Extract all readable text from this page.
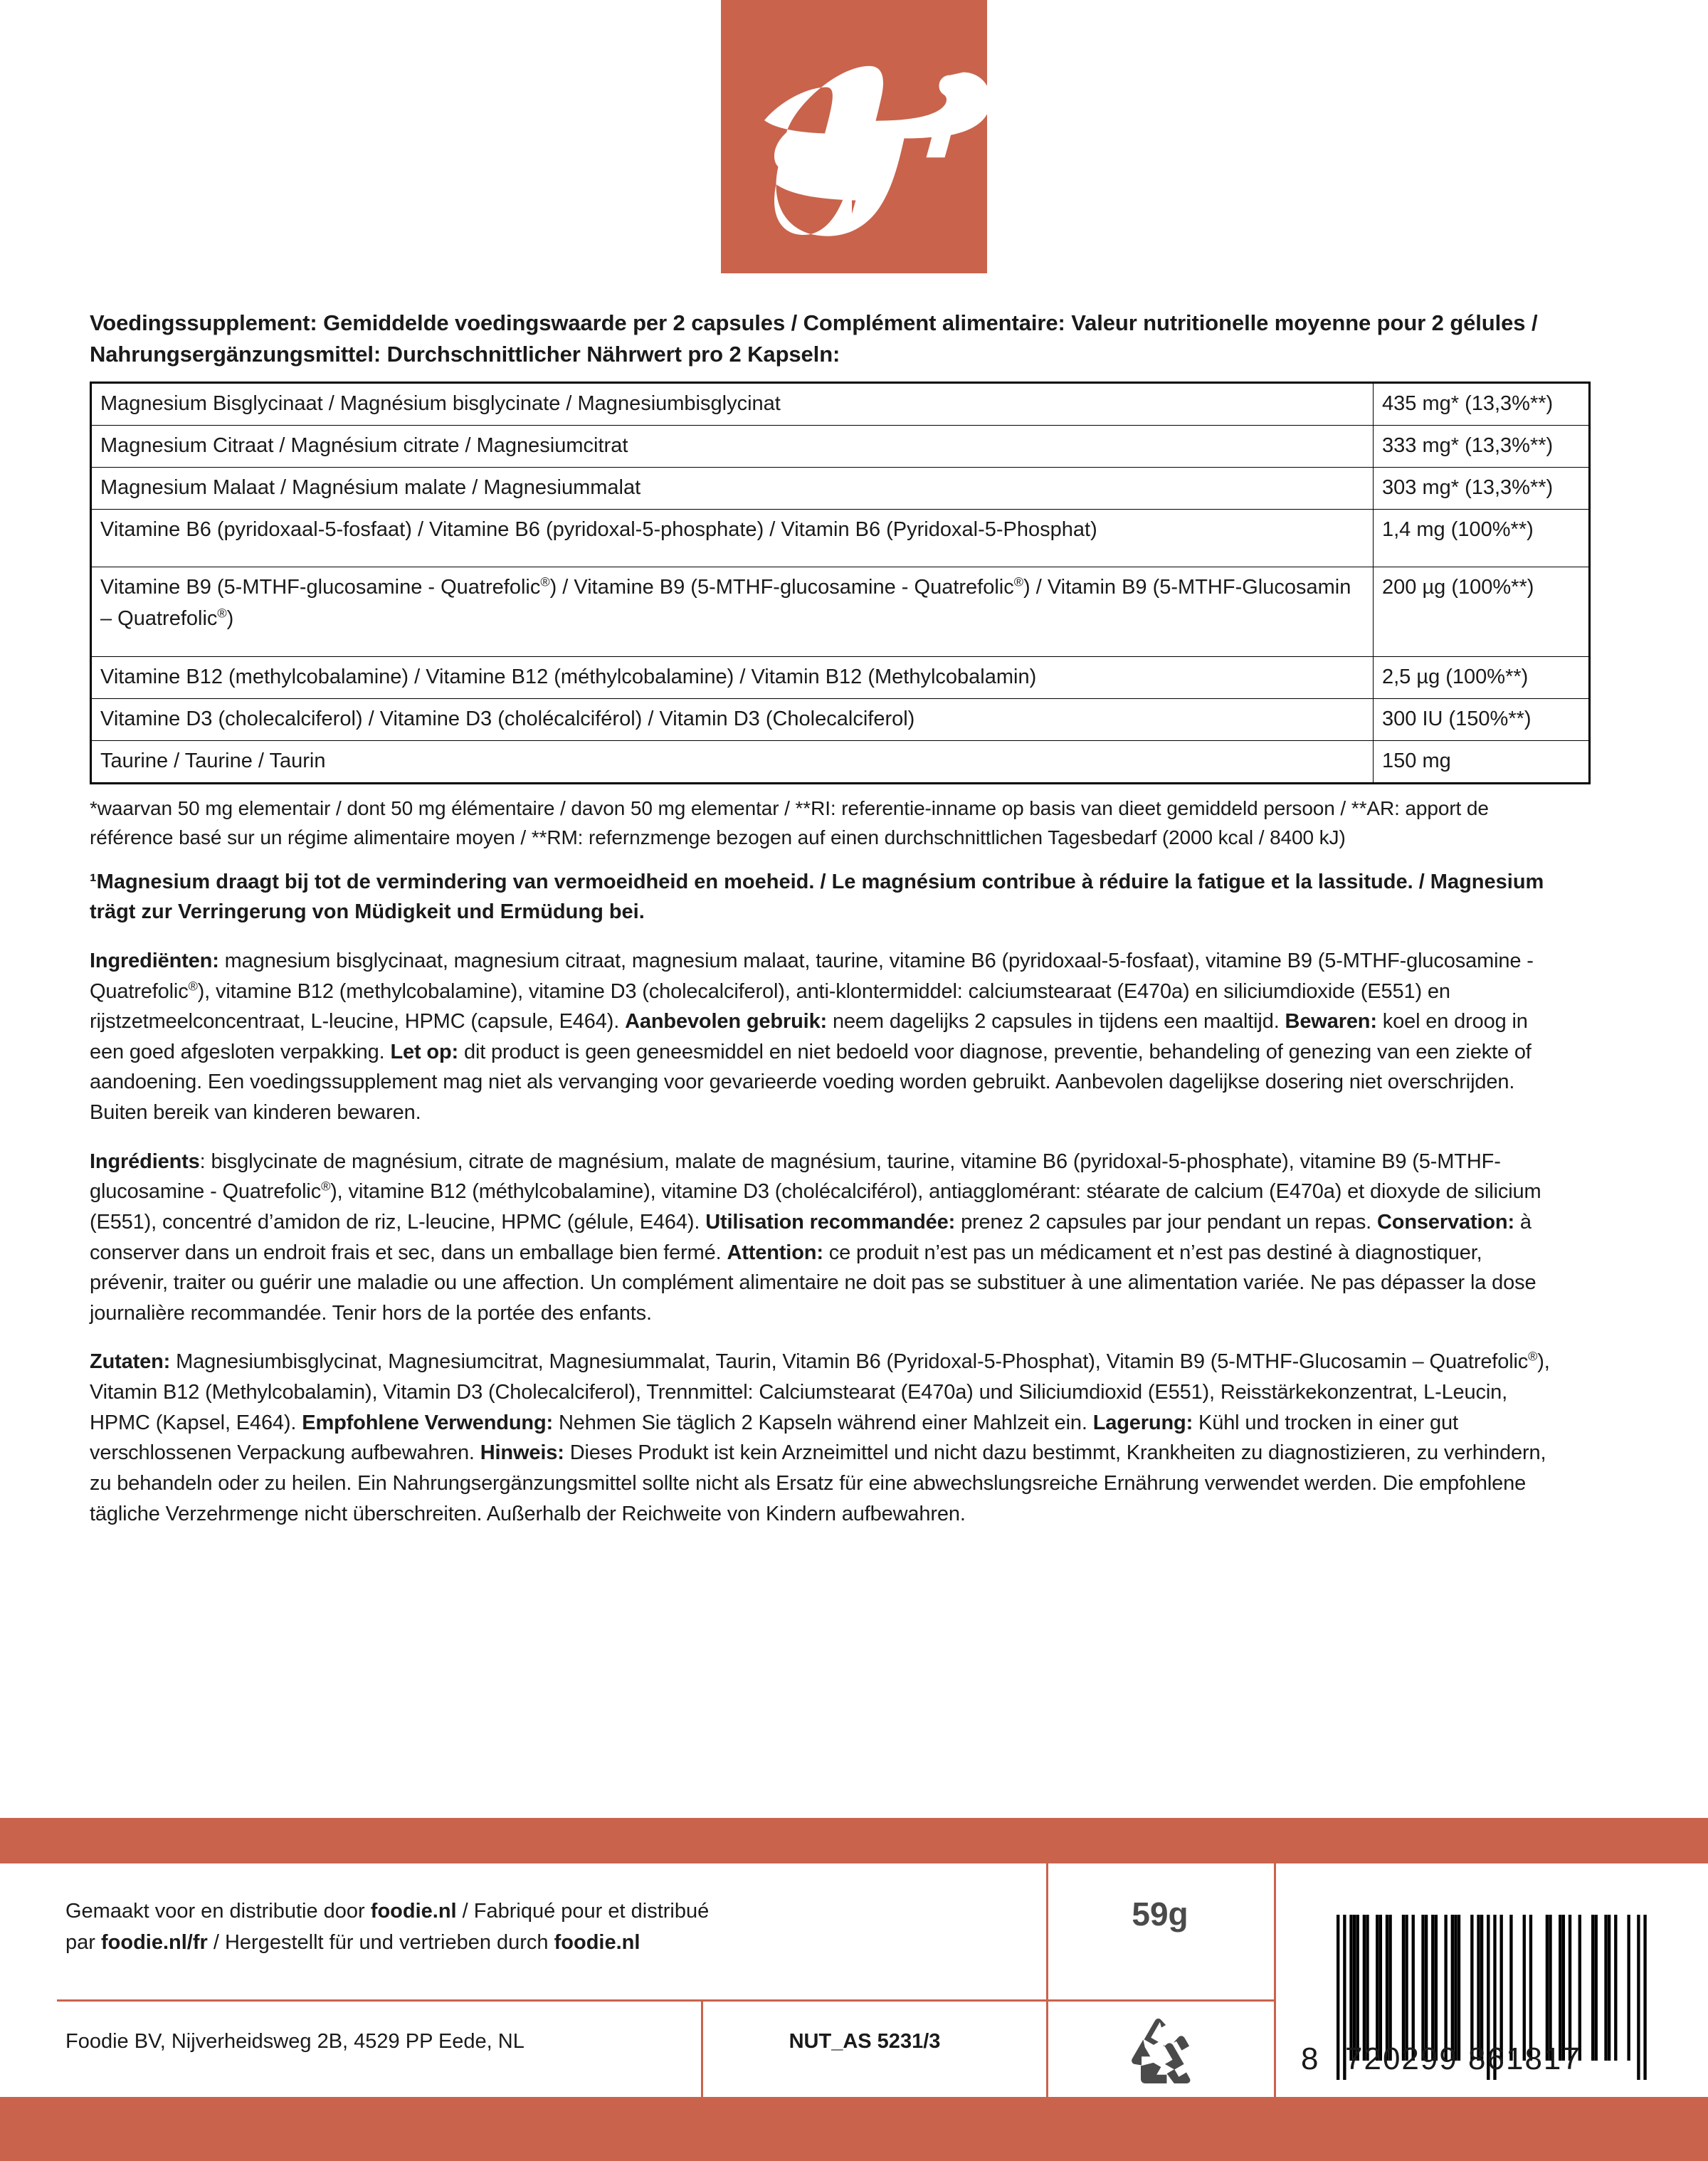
Voedingssupplement: Gemiddelde voedingswaarde per 2 capsules / Complément alimentaire: Valeur nutritionelle moyenne pour 2 gélules / Nahrungsergänzungsmittel: Durchschnittlicher Nährwert pro 2 Kapseln:

Magnesium Bisglycinaat / Magnésium bisglycinate / Magnesiumbisglycinat	435 mg* (13,3%**)
Magnesium Citraat / Magnésium citrate / Magnesiumcitrat	333 mg* (13,3%**)
Magnesium Malaat / Magnésium malate / Magnesiummalat	303 mg* (13,3%**)
Vitamine B6 (pyridoxaal-5-fosfaat) / Vitamine B6 (pyridoxal-5-phosphate) / Vitamin B6 (Pyridoxal-5-Phosphat)	1,4 mg (100%**)
Vitamine B9 (5-MTHF-glucosamine - Quatrefolic®) / Vitamine B9 (5-MTHF-glucosamine - Quatrefolic®) / Vitamin B9 (5-MTHF-Glucosamin – Quatrefolic®)	200 µg (100%**)
Vitamine B12 (methylcobalamine) / Vitamine B12 (méthylcobalamine) / Vitamin B12 (Methylcobalamin)	2,5 µg (100%**)
Vitamine D3 (cholecalciferol) / Vitamine D3 (cholécalciférol) / Vitamin D3 (Cholecalciferol)	300 IU (150%**)
Taurine / Taurine / Taurin	150 mg

*waarvan 50 mg elementair / dont 50 mg élémentaire / davon 50 mg elementar / **RI: referentie-inname op basis van dieet gemiddeld persoon / **AR: apport de référence basé sur un régime alimentaire moyen / **RM: refernzmenge bezogen auf einen durchschnittlichen Tagesbedarf (2000 kcal / 8400 kJ)

¹Magnesium draagt bij tot de vermindering van vermoeidheid en moeheid. / Le magnésium contribue à réduire la fatigue et la lassitude. / Magnesium trägt zur Verringerung von Müdigkeit und Ermüdung bei.

Ingrediënten: magnesium bisglycinaat, magnesium citraat, magnesium malaat, taurine, vitamine B6 (pyridoxaal-5-fosfaat), vitamine B9 (5-MTHF-glucosamine - Quatrefolic®), vitamine B12 (methylcobalamine), vitamine D3 (cholecalciferol), anti-klontermiddel: calciumstearaat (E470a) en siliciumdioxide (E551) en rijstzetmeelconcentraat, L-leucine, HPMC (capsule, E464). Aanbevolen gebruik: neem dagelijks 2 capsules in tijdens een maaltijd. Bewaren: koel en droog in een goed afgesloten verpakking. Let op: dit product is geen geneesmiddel en niet bedoeld voor diagnose, preventie, behandeling of genezing van een ziekte of aandoening. Een voedingssupplement mag niet als vervanging voor gevarieerde voeding worden gebruikt. Aanbevolen dagelijkse dosering niet overschrijden. Buiten bereik van kinderen bewaren.

Ingrédients: bisglycinate de magnésium, citrate de magnésium, malate de magnésium, taurine, vitamine B6 (pyridoxal-5-phosphate), vitamine B9 (5-MTHF-glucosamine - Quatrefolic®), vitamine B12 (méthylcobalamine), vitamine D3 (cholécalciférol), antiagglomérant: stéarate de calcium (E470a) et dioxyde de silicium (E551), concentré d’amidon de riz, L-leucine, HPMC (gélule, E464). Utilisation recommandée: prenez 2 capsules par jour pendant un repas. Conservation: à conserver dans un endroit frais et sec, dans un emballage bien fermé. Attention: ce produit n’est pas un médicament et n’est pas destiné à diagnostiquer, prévenir, traiter ou guérir une maladie ou une affection. Un complément alimentaire ne doit pas se substituer à une alimentation variée. Ne pas dépasser la dose journalière recommandée. Tenir hors de la portée des enfants.

Zutaten: Magnesiumbisglycinat, Magnesiumcitrat, Magnesiummalat, Taurin, Vitamin B6 (Pyridoxal-5-Phosphat), Vitamin B9 (5-MTHF-Glucosamin – Quatrefolic®), Vitamin B12 (Methylcobalamin), Vitamin D3 (Cholecalciferol), Trennmittel: Calciumstearat (E470a) und Siliciumdioxid (E551), Reisstärkekonzentrat, L-Leucin, HPMC (Kapsel, E464). Empfohlene Verwendung: Nehmen Sie täglich 2 Kapseln während einer Mahlzeit ein. Lagerung: Kühl und trocken in einer gut verschlossenen Verpackung aufbewahren. Hinweis: Dieses Produkt ist kein Arzneimittel und nicht dazu bestimmt, Krankheiten zu diagnostizieren, zu verhindern, zu behandeln oder zu heilen. Ein Nahrungsergänzungsmittel sollte nicht als Ersatz für eine abwechslungsreiche Ernährung verwendet werden. Die empfohlene tägliche Verzehrmenge nicht überschreiten. Außerhalb der Reichweite von Kindern aufbewahren.

Gemaakt voor en distributie door foodie.nl / Fabriqué pour et distribué
par foodie.nl/fr / Hergestellt für und vertrieben durch foodie.nl
59g
Foodie BV, Nijverheidsweg 2B, 4529 PP Eede, NL	NUT_AS 5231/3	8 720299 861817
